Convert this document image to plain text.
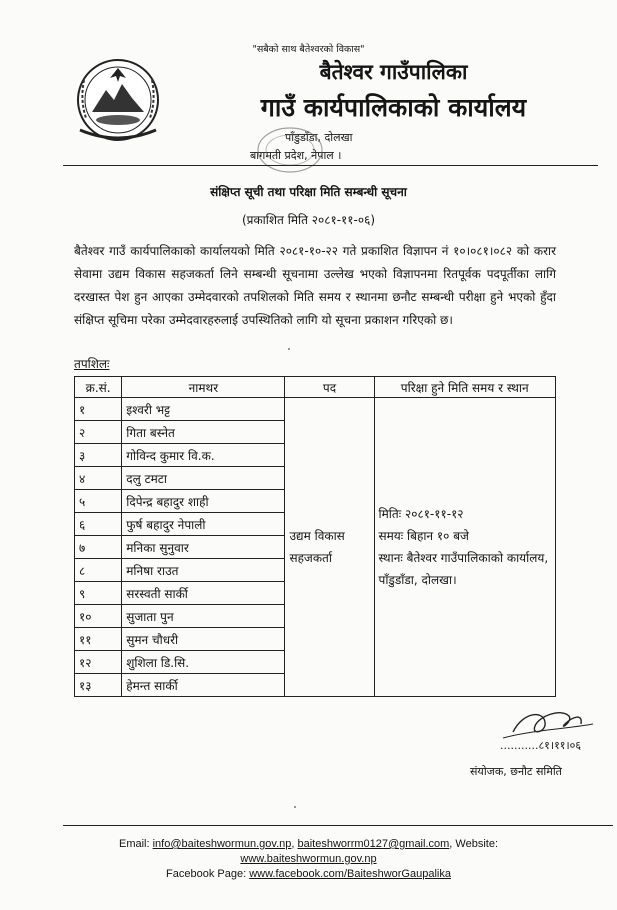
"सबैको साथ बैतेश्वरको विकास"
बैतेश्वर गाउँपालिका
गाउँ कार्यपालिकाको कार्यालय
पाँडुडाँडा, दोलखा
बागमती प्रदेश, नेपाल ।
संक्षिप्त सूची तथा परिक्षा मिति सम्बन्धी सूचना
(प्रकाशित मिति २०८१-११-०६)
बैतेश्वर गाउँ कार्यपालिकाको कार्यालयको मिति २०८१-१०-२२ गते प्रकाशित विज्ञापन नं १०।०८१।०८२ को करार सेवामा उद्यम विकास सहजकर्ता लिने सम्बन्धी सूचनामा उल्लेख भएको विज्ञापनमा रितपूर्वक पदपूर्तीका लागि दरखास्त पेश हुन आएका उम्मेदवारको तपशिलको मिति समय र स्थानमा छनौट सम्बन्धी परीक्षा हुने भएको हुँदा संक्षिप्त सूचिमा परेका उम्मेदवारहरुलाई उपस्थितिको लागि यो सूचना प्रकाशन गरिएको छ।
तपशिलः
क्र.सं.	नामथर	पद	परिक्षा हुने मिति समय र स्थान
१	इश्वरी भट्ट	उद्यम विकास सहजकर्ता	मितिः २०८१-११-१२
समयः बिहान १० बजे
स्थानः बैतेश्वर गाउँपालिकाको कार्यालय, पाँडुडाँडा, दोलखा।

२	गिता बस्नेत		
३	गोविन्द कुमार वि.क.		
४	दलु टमटा		
५	दिपेन्द्र बहादुर शाही		
६	फुर्ष बहादुर नेपाली		
७	मनिका सुनुवार		
८	मनिषा राउत		
९	सरस्वती सार्की		
१०	सुजाता पुन		
११	सुमन चौधरी		
१२	शुशिला डि.सि.		
१३	हेमन्त सार्की		
...........८१।११।०६
संयोजक, छनौट समिति
Email: info@baiteshwormun.gov.np, baiteshworrm0127@gmail.com, Website:
www.baiteshwormun.gov.np
Facebook Page: www.facebook.com/BaiteshworGaupalika
